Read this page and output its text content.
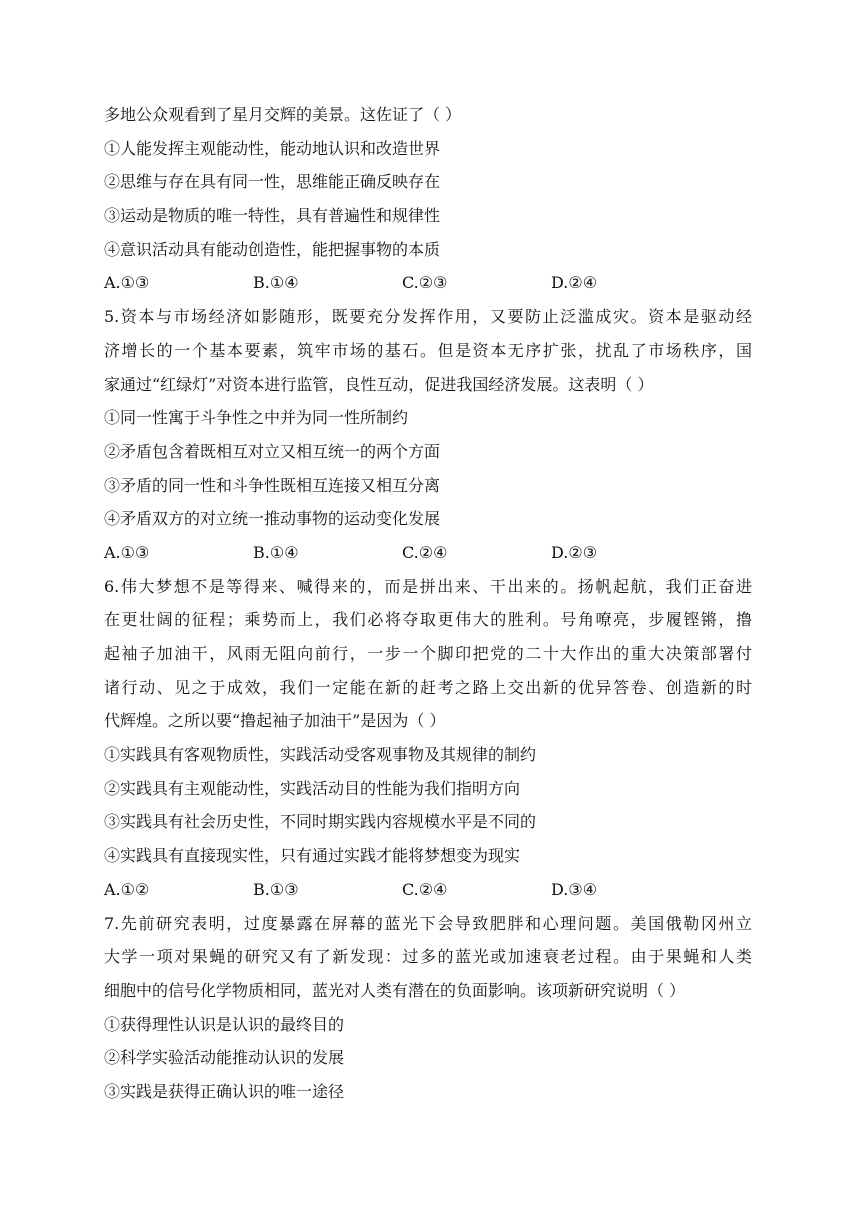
多地公众观看到了星月交辉的美景。这佐证了（ ）
①人能发挥主观能动性，能动地认识和改造世界
②思维与存在具有同一性，思维能正确反映存在
③运动是物质的唯一特性，具有普遍性和规律性
④意识活动具有能动创造性，能把握事物的本质
A.①③	B.①④	C.②③	D.②④
5.资本与市场经济如影随形，既要充分发挥作用，又要防止泛滥成灾。资本是驱动经
济增长的一个基本要素，筑牢市场的基石。但是资本无序扩张，扰乱了市场秩序，国
家通过“红绿灯”对资本进行监管，良性互动，促进我国经济发展。这表明（ ）
①同一性寓于斗争性之中并为同一性所制约
②矛盾包含着既相互对立又相互统一的两个方面
③矛盾的同一性和斗争性既相互连接又相互分离
④矛盾双方的对立统一推动事物的运动变化发展
A.①③	B.①④	C.②④	D.②③
6.伟大梦想不是等得来、喊得来的，而是拼出来、干出来的。扬帆起航，我们正奋进
在更壮阔的征程；乘势而上，我们必将夺取更伟大的胜利。号角嘹亮，步履铿锵，撸
起袖子加油干，风雨无阻向前行，一步一个脚印把党的二十大作出的重大决策部署付
诸行动、见之于成效，我们一定能在新的赶考之路上交出新的优异答卷、创造新的时
代辉煌。之所以要“撸起袖子加油干”是因为（ ）
①实践具有客观物质性，实践活动受客观事物及其规律的制约
②实践具有主观能动性，实践活动目的性能为我们指明方向
③实践具有社会历史性，不同时期实践内容规模水平是不同的
④实践具有直接现实性，只有通过实践才能将梦想变为现实
A.①②	B.①③	C.②④	D.③④
7.先前研究表明，过度暴露在屏幕的蓝光下会导致肥胖和心理问题。美国俄勒冈州立
大学一项对果蝇的研究又有了新发现：过多的蓝光或加速衰老过程。由于果蝇和人类
细胞中的信号化学物质相同，蓝光对人类有潜在的负面影响。该项新研究说明（ ）
①获得理性认识是认识的最终目的
②科学实验活动能推动认识的发展
③实践是获得正确认识的唯一途径
